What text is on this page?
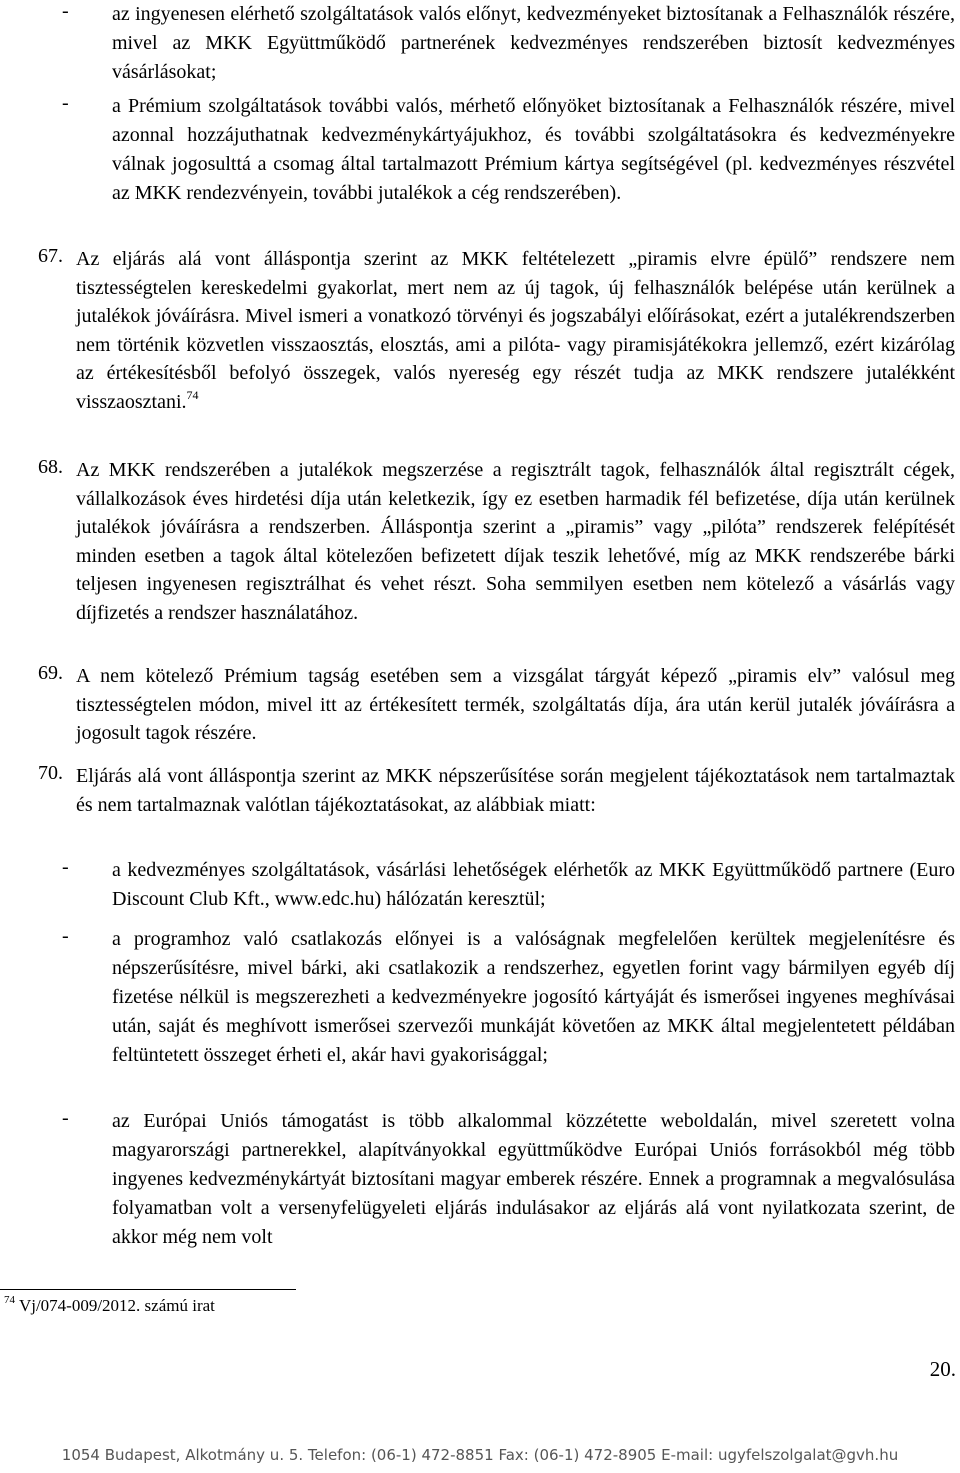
- az ingyenesen elérhető szolgáltatások valós előnyt, kedvezményeket biztosítanak a Felhasználók részére, mivel az MKK Együttműködő partnerének kedvezményes rendszerében biztosít kedvezményes vásárlásokat;
- a Prémium szolgáltatások további valós, mérhető előnyöket biztosítanak a Felhasználók részére, mivel azonnal hozzájuthatnak kedvezménykártyájukhoz, és további szolgáltatásokra és kedvezményekre válnak jogosulttá a csomag által tartalmazott Prémium kártya segítségével (pl. kedvezményes részvétel az MKK rendezvényein, további jutalékok a cég rendszerében).
67. Az eljárás alá vont álláspontja szerint az MKK feltételezett „piramis elvre épülő” rendszere nem tisztességtelen kereskedelmi gyakorlat, mert nem az új tagok, új felhasználók belépése után kerülnek a jutalékok jóváírásra. Mivel ismeri a vonatkozó törvényi és jogszabályi előírásokat, ezért a jutalékrendszerben nem történik közvetlen visszaosztás, elosztás, ami a pilóta- vagy piramisjátékokra jellemző, ezért kizárólag az értékesítésből befolyó összegek, valós nyereség egy részét tudja az MKK rendszere jutalékként visszaosztani.$^{74}$
68. Az MKK rendszerében a jutalékok megszerzése a regisztrált tagok, felhasználók által regisztrált cégek, vállalkozások éves hirdetési díja után keletkezik, így ez esetben harmadik fél befizetése, díja után kerülnek jutalékok jóváírásra a rendszerben. Álláspontja szerint a „piramis” vagy „pilóta” rendszerek felépítését minden esetben a tagok által kötelezően befizetett díjak teszik lehetővé, míg az MKK rendszerébe bárki teljesen ingyenesen regisztrálhat és vehet részt. Soha semmilyen esetben nem kötelező a vásárlás vagy díjfizetés a rendszer használatához.
69. A nem kötelező Prémium tagság esetében sem a vizsgálat tárgyát képező „piramis elv” valósul meg tisztességtelen módon, mivel itt az értékesített termék, szolgáltatás díja, ára után kerül jutalék jóváírásra a jogosult tagok részére.
70. Eljárás alá vont álláspontja szerint az MKK népszerűsítése során megjelent tájékoztatások nem tartalmaztak és nem tartalmaznak valótlan tájékoztatásokat, az alábbiak miatt:
- a kedvezményes szolgáltatások, vásárlási lehetőségek elérhetők az MKK Együttműködő partnere (Euro Discount Club Kft., www.edc.hu) hálózatán keresztül;
- a programhoz való csatlakozás előnyei is a valóságnak megfelelően kerültek megjelenítésre és népszerűsítésre, mivel bárki, aki csatlakozik a rendszerhez, egyetlen forint vagy bármilyen egyéb díj fizetése nélkül is megszerezheti a kedvezményekre jogosító kártyáját és ismerősei ingyenes meghívásai után, saját és meghívott ismerősei szervezői munkáját követően az MKK által megjelentetett példában feltüntetett összeget érheti el, akár havi gyakorisággal;
- az Európai Uniós támogatást is több alkalommal közzétette weboldalán, mivel szeretett volna magyarországi partnerekkel, alapítványokkal együttműködve Európai Uniós forrásokból még több ingyenes kedvezménykártyát biztosítani magyar emberek részére. Ennek a programnak a megvalósulása folyamatban volt a versenyfelügyeleti eljárás indulásakor az eljárás alá vont nyilatkozata szerint, de akkor még nem volt
$^{74}$ Vj/074-009/2012. számú irat
20.
1054 Budapest, Alkotmány u. 5. Telefon: (06-1) 472-8851 Fax: (06-1) 472-8905 E-mail: ugyfelszolgalat@gvh.hu
